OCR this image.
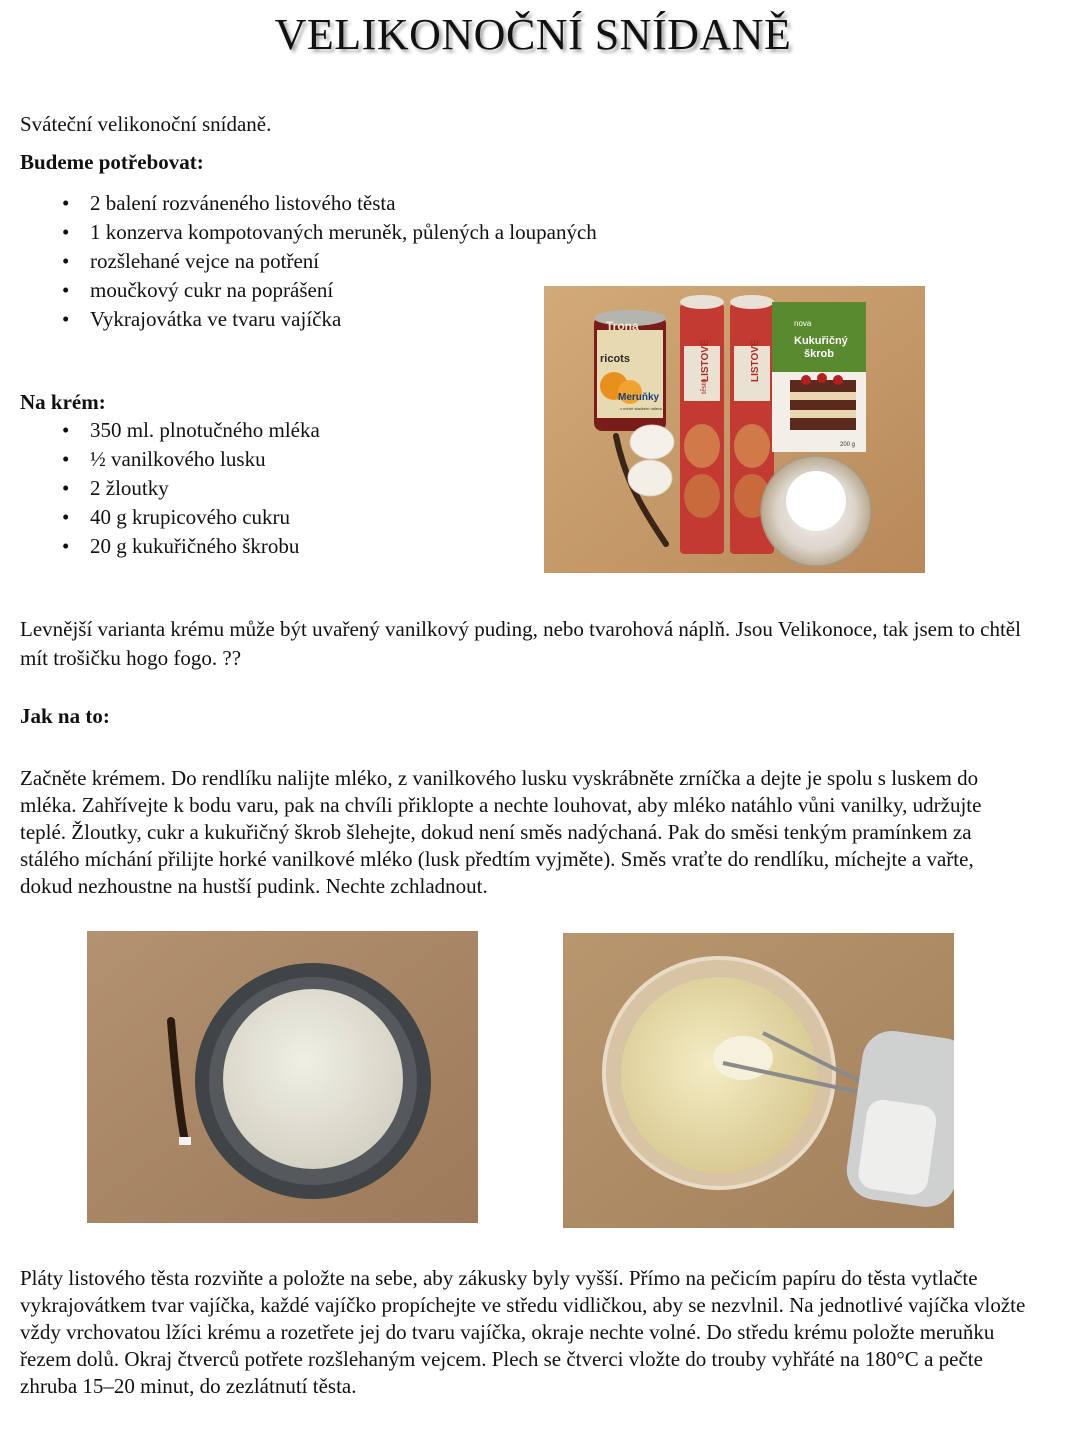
VELIKONOČNÍ SNÍDANĚ
Sváteční velikonoční snídaně.
Budeme potřebovat:
• 2 balení rozváneného listového těsta
• 1 konzerva kompotovaných meruněk, půlených a loupaných
• rozšlehané vejce na potření
• moučkový cukr na poprášení
• Vykrajovátka ve tvaru vajíčka
Na krém:
• 350 ml. plnotučného mléka
• ½ vanilkového lusku
• 2 žloutky
• 40 g krupicového cukru
• 20 g kukuřičného škrobu
Trona
ricots
Meruňky
v mírně sladkém nálevu
LISTOVÉ
těsto
LISTOVÉ
nova
Kukuřičný
škrob
200 g
Levnější varianta krému může být uvařený vanilkový puding, nebo tvarohová náplň. Jsou Velikonoce, tak jsem to chtěl mít trošičku hogo fogo. ??
Jak na to:
Začněte krémem. Do rendlíku nalijte mléko, z vanilkového lusku vyskrábněte zrníčka a dejte je spolu s luskem do mléka. Zahřívejte k bodu varu, pak na chvíli přiklopte a nechte louhovat, aby mléko natáhlo vůni vanilky, udržujte teplé. Žloutky, cukr a kukuřičný škrob šlehejte, dokud není směs nadýchaná. Pak do směsi tenkým pramínkem za stálého míchání přilijte horké vanilkové mléko (lusk předtím vyjměte). Směs vraťte do rendlíku, míchejte a vařte, dokud nezhoustne na hustší pudink. Nechte zchladnout.
Pláty listového těsta rozviňte a položte na sebe, aby zákusky byly vyšší. Přímo na pečicím papíru do těsta vytlačte vykrajovátkem tvar vajíčka, každé vajíčko propíchejte ve středu vidličkou, aby se nezvlnil. Na jednotlivé vajíčka vložte vždy vrchovatou lžíci krému a rozetřete jej do tvaru vajíčka, okraje nechte volné. Do středu krému položte meruňku řezem dolů. Okraj čtverců potřete rozšlehaným vejcem. Plech se čtverci vložte do trouby vyhřáté na 180°C a pečte zhruba 15–20 minut, do zezlátnutí těsta.
